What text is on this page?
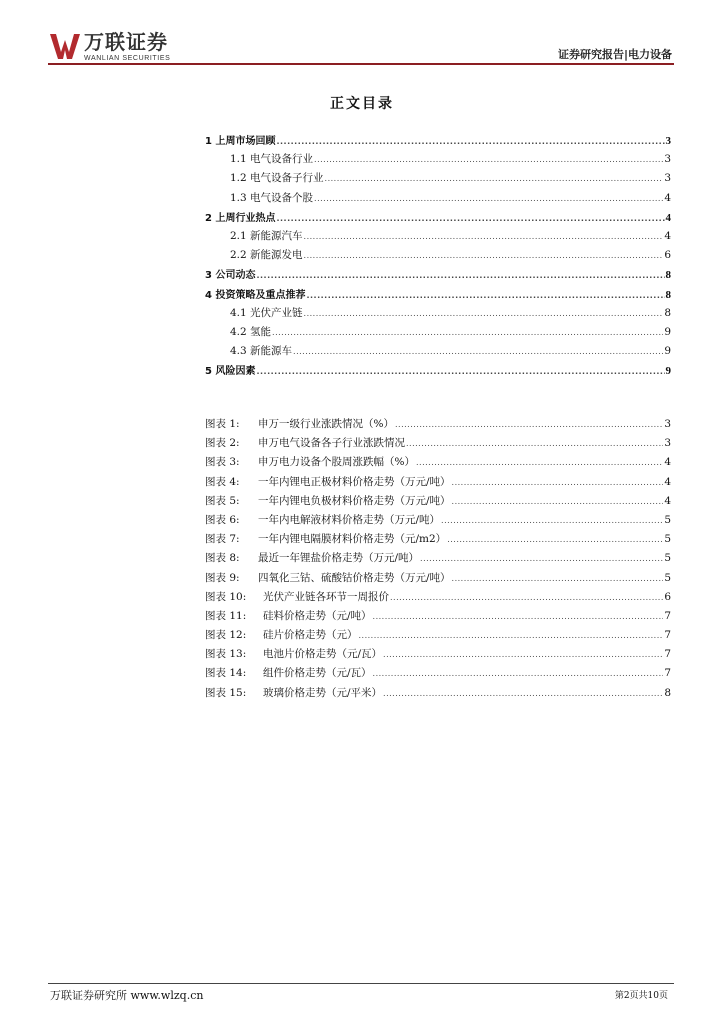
万联证券
WANLIAN SECURITIES	证券研究报告|电力设备
正文目录
1 上周市场回顾 .....	3
1.1 电气设备行业 .....	3
1.2 电气设备子行业 .....	3
1.3 电气设备个股 .....	4
2 上周行业热点 .....	4
2.1 新能源汽车 .....	4
2.2 新能源发电 .....	6
3 公司动态 .....	8
4 投资策略及重点推荐 .....	8
4.1 光伏产业链 .....	8
4.2 氢能 .....	9
4.3 新能源车 .....	9
5 风险因素 .....	9
图表 1:	申万一级行业涨跌情况（%） .....	3
图表 2:	申万电气设备各子行业涨跌情况 .....	3
图表 3:	申万电力设备个股周涨跌幅（%） .....	4
图表 4:	一年内锂电正极材料价格走势（万元/吨） .....	4
图表 5:	一年内锂电负极材料价格走势（万元/吨） .....	4
图表 6:	一年内电解液材料价格走势（万元/吨） .....	5
图表 7:	一年内锂电隔膜材料价格走势（元/m2） .....	5
图表 8:	最近一年锂盐价格走势（万元/吨） .....	5
图表 9:	四氧化三钴、硫酸钴价格走势（万元/吨） .....	5
图表 10:	光伏产业链各环节一周报价 .....	6
图表 11:	硅料价格走势（元/吨） .....	7
图表 12:	硅片价格走势（元） .....	7
图表 13:	电池片价格走势（元/瓦） .....	7
图表 14:	组件价格走势（元/瓦） .....	7
图表 15:	玻璃价格走势（元/平米） .....	8
万联证券研究所 www.wlzq.cn	第2页共10页
